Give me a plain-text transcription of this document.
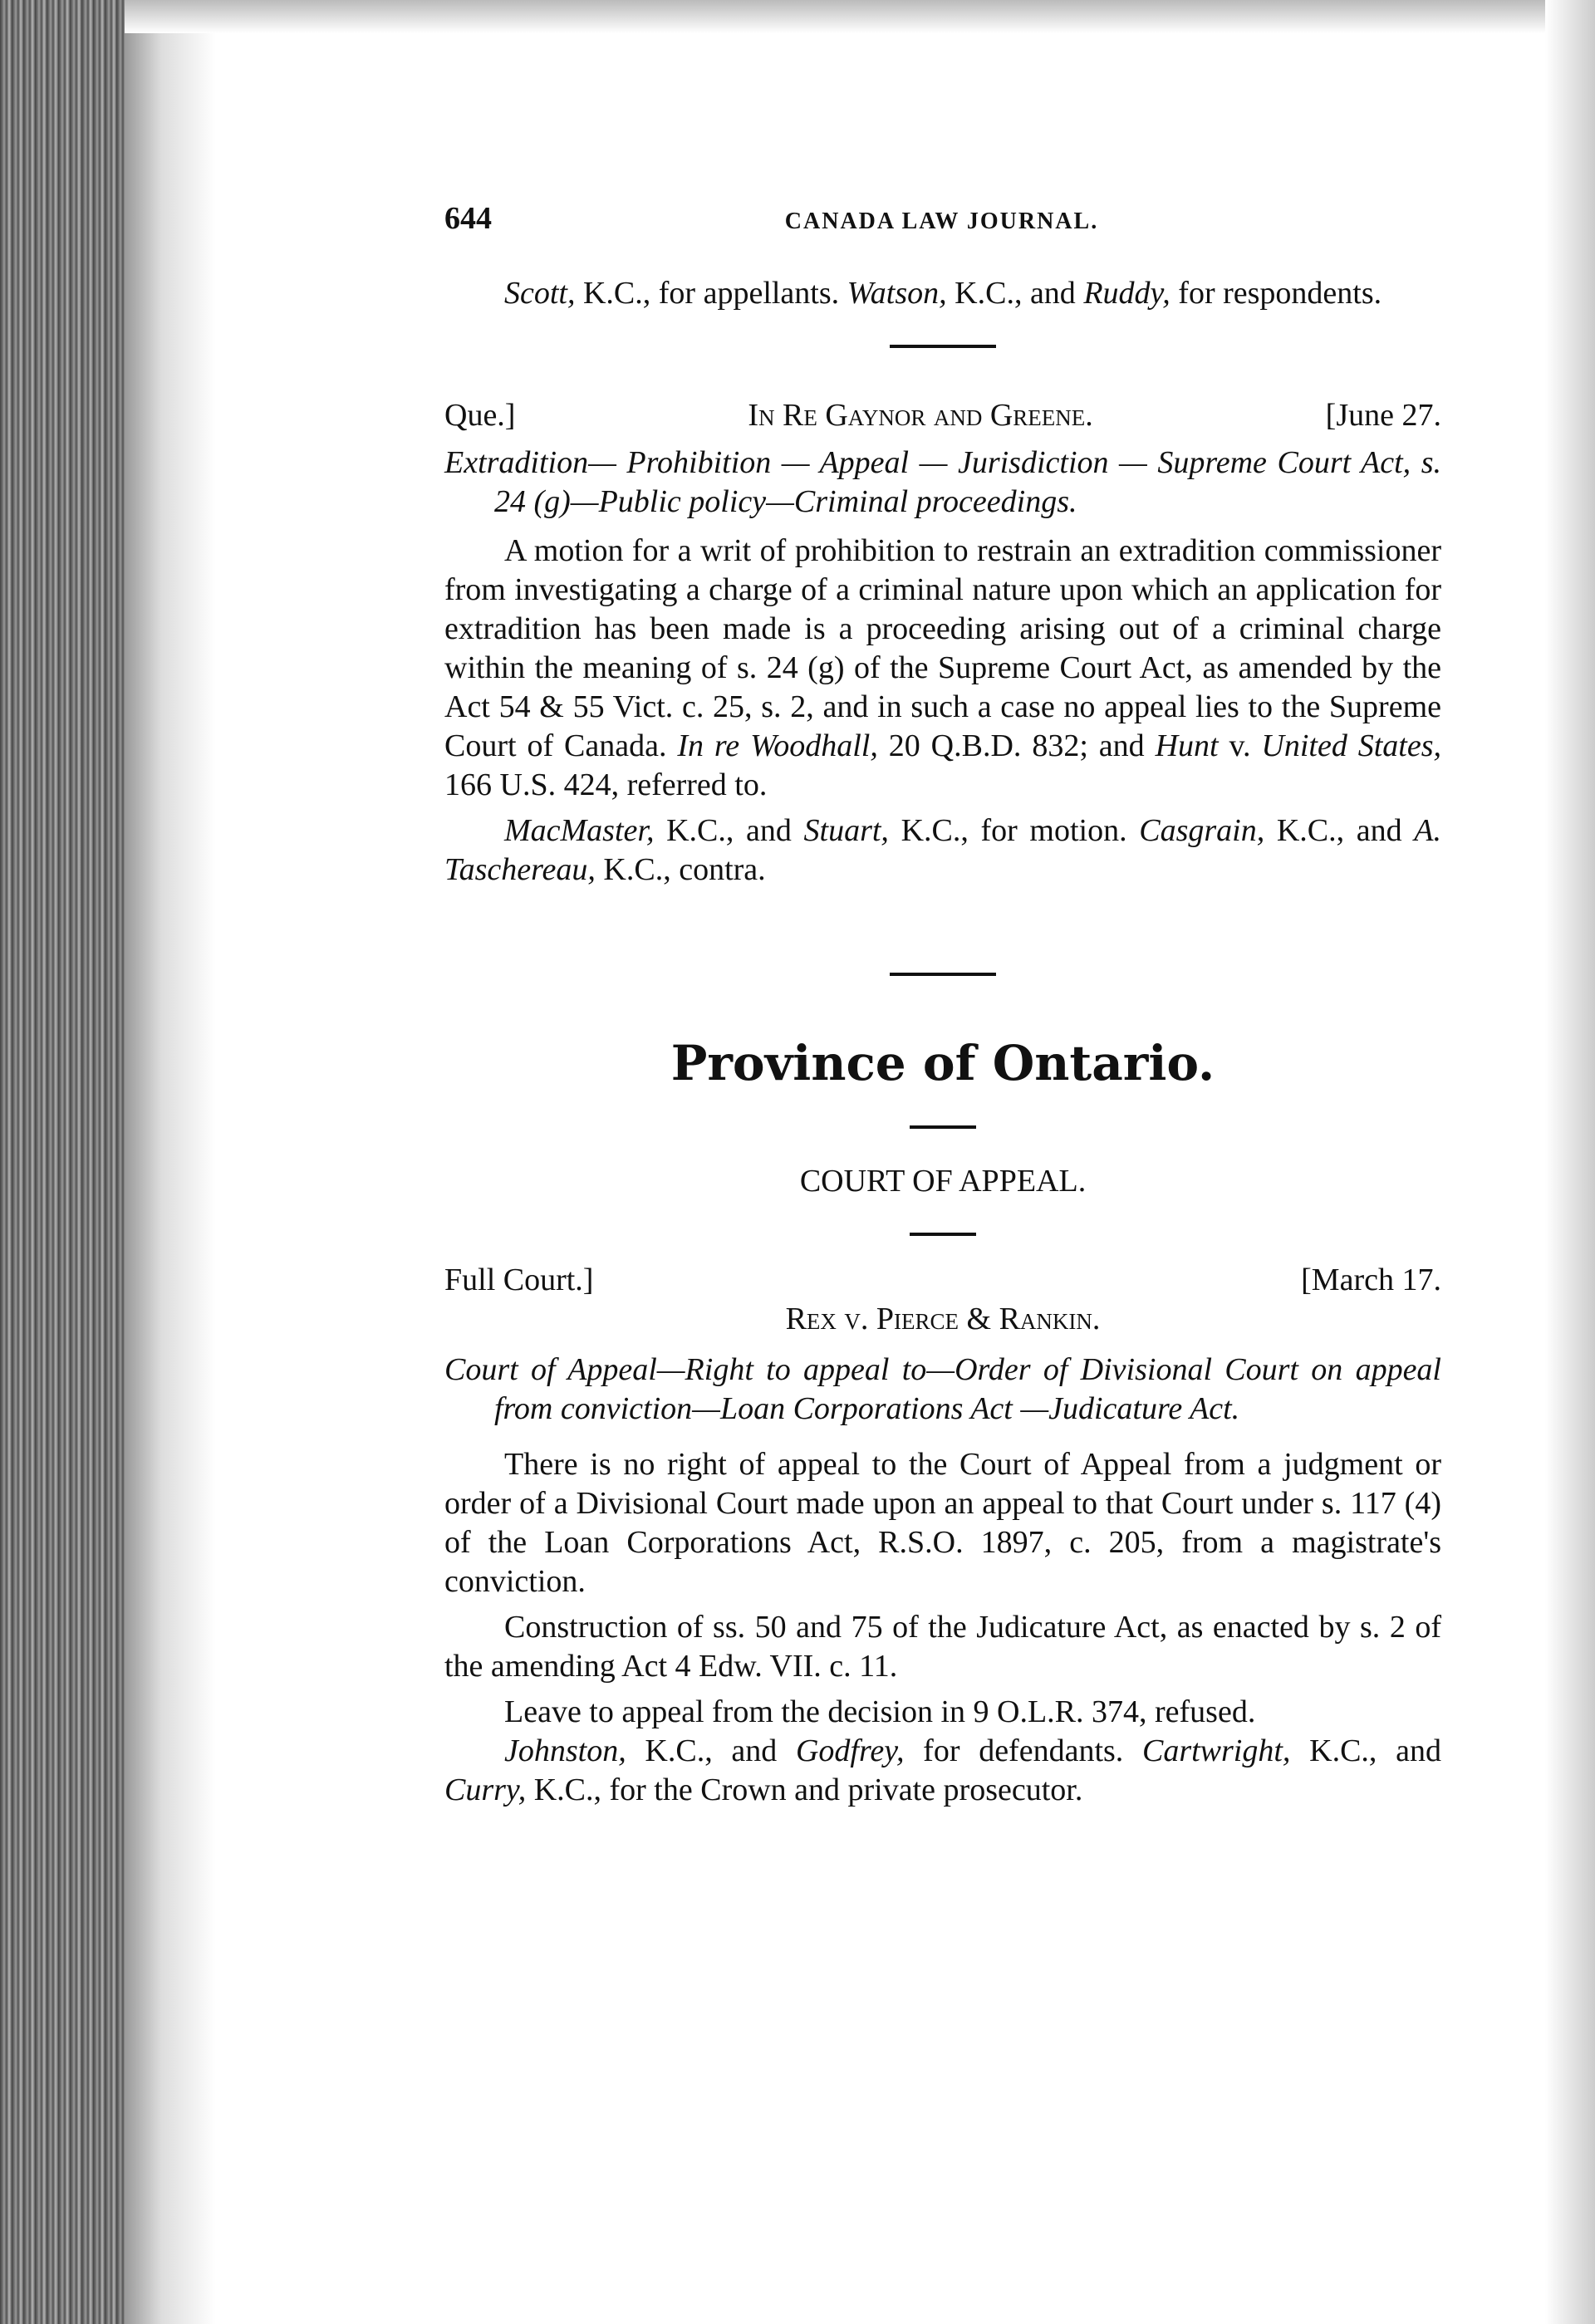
644	CANADA LAW JOURNAL.

Scott, K.C., for appellants. Watson, K.C., and Ruddy, for respondents.

Que.]	In Re Gaynor and Greene.	[June 27.

Extradition— Prohibition — Appeal — Jurisdiction — Supreme Court Act, s. 24 (g)—Public policy—Criminal proceedings.

A motion for a writ of prohibition to restrain an extradition commissioner from investigating a charge of a criminal nature upon which an application for extradition has been made is a proceeding arising out of a criminal charge within the meaning of s. 24 (g) of the Supreme Court Act, as amended by the Act 54 & 55 Vict. c. 25, s. 2, and in such a case no appeal lies to the Supreme Court of Canada. In re Woodhall, 20 Q.B.D. 832; and Hunt v. United States, 166 U.S. 424, referred to.

MacMaster, K.C., and Stuart, K.C., for motion. Casgrain, K.C., and A. Taschereau, K.C., contra.

Province of Ontario.
COURT OF APPEAL.
Full Court.]	[March 17.
Rex v. Pierce & Rankin.

Court of Appeal—Right to appeal to—Order of Divisional Court on appeal from conviction—Loan Corporations Act —Judicature Act.

There is no right of appeal to the Court of Appeal from a judgment or order of a Divisional Court made upon an appeal to that Court under s. 117 (4) of the Loan Corporations Act, R.S.O. 1897, c. 205, from a magistrate's conviction.

Construction of ss. 50 and 75 of the Judicature Act, as enacted by s. 2 of the amending Act 4 Edw. VII. c. 11.

Leave to appeal from the decision in 9 O.L.R. 374, refused.

Johnston, K.C., and Godfrey, for defendants. Cartwright, K.C., and Curry, K.C., for the Crown and private prosecutor.
